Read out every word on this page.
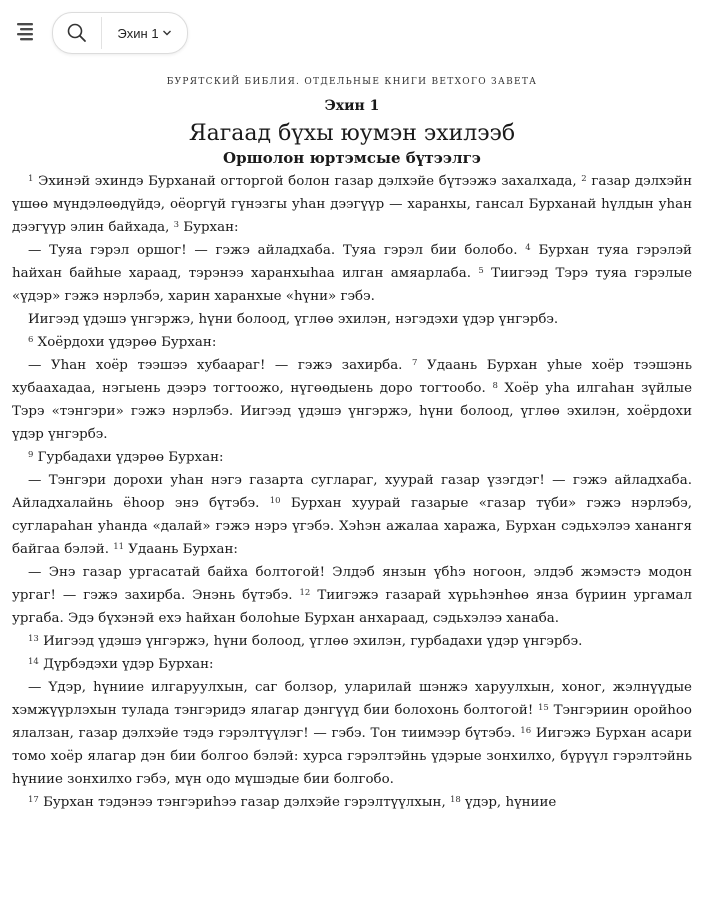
Эхин 1
БУРЯТСКИЙ БИБЛИЯ. ОТДЕЛЬНЫЕ КНИГИ ВЕТХОГО ЗАВЕТА
Эхин 1
Яагаад бүхы юумэн эхилээб
Оршолон юртэмсые бүтээлгэ

$^1$ Эхинэй эхиндэ Бурханай огторгой болон газар дэлхэйе бүтээжэ захалхада, $^2$ газар дэлхэйн үшөө мүндэлөөдүйдэ, оёоргүй гүнэзгы уһан дээгүүр — харанхы, гансал Бурханай һүлдын уһан дээгүүр элин байхада, $^3$ Бурхан:

— Туяа гэрэл оршог! — гэжэ айладхаба. Туяа гэрэл бии болобо. $^4$ Бурхан туяа гэрэлэй һайхан байһые хараад, тэрэнээ харанхыһаа илган амяарлаба. $^5$ Тиигээд Тэрэ туяа гэрэлые «үдэр» гэжэ нэрлэбэ, харин харанхые «һүни» гэбэ.

Иигээд үдэшэ үнгэржэ, һүни болоод, үглөө эхилэн, нэгэдэхи үдэр үнгэрбэ.

$^6$ Хоёрдохи үдэрөө Бурхан:

— Уһан хоёр тээшээ хубаараг! — гэжэ захирба. $^7$ Удаань Бурхан уһые хоёр тээшэнь хубаахадаа, нэгыень дээрэ тогтоожо, нүгөөдыень доро тогтообо. $^8$ Хоёр уһа илгаһан зүйлые Тэрэ «тэнгэри» гэжэ нэрлэбэ. Иигээд үдэшэ үнгэржэ, һүни болоод, үглөө эхилэн, хоёрдохи үдэр үнгэрбэ.

$^9$ Гурбадахи үдэрөө Бурхан:

— Тэнгэри дорохи уһан нэгэ газарта суглараг, хуурай газар үзэгдэг! — гэжэ айладхаба. Айладхалайнь ёһоор энэ бүтэбэ. $^{10}$ Бурхан хуурай газарые «газар түби» гэжэ нэрлэбэ, суглараһан уһанда «далай» гэжэ нэрэ үгэбэ. Хэһэн ажалаа хаража, Бурхан сэдьхэлээ ханангя байгаа бэлэй. $^{11}$ Удаань Бурхан:

— Энэ газар ургасатай байха болтогой! Элдэб янзын үбһэ ногоон, элдэб жэмэстэ модон ургаг! — гэжэ захирба. Энэнь бүтэбэ. $^{12}$ Тиигэжэ газарай хүрьһэнһөө янза бүриин ургамал ургаба. Эдэ бүхэнэй ехэ һайхан болоһые Бурхан анхараад, сэдьхэлээ ханаба.

$^{13}$ Иигээд үдэшэ үнгэржэ, һүни болоод, үглөө эхилэн, гурбадахи үдэр үнгэрбэ.

$^{14}$ Дүрбэдэхи үдэр Бурхан:

— Үдэр, һүниие илгаруулхын, саг болзор, уларилай шэнжэ харуулхын, хоног, жэлнүүдые хэмжүүрлэхын тулада тэнгэридэ ялагар дэнгүүд бии болохонь болтогой! $^{15}$ Тэнгэриин оройһоо ялалзан, газар дэлхэйе тэдэ гэрэлтүүлэг! — гэбэ. Тон тиимээр бүтэбэ. $^{16}$ Иигэжэ Бурхан асари томо хоёр ялагар дэн бии болгоо бэлэй: хурса гэрэлтэйнь үдэрые зонхилхо, бүрүүл гэрэлтэйнь һүниие зонхилхо гэбэ, мүн одо мүшэдые бии болгобо.

$^{17}$ Бурхан тэдэнээ тэнгэриһээ газар дэлхэйе гэрэлтүүлхын, $^{18}$ үдэр, һүниие
